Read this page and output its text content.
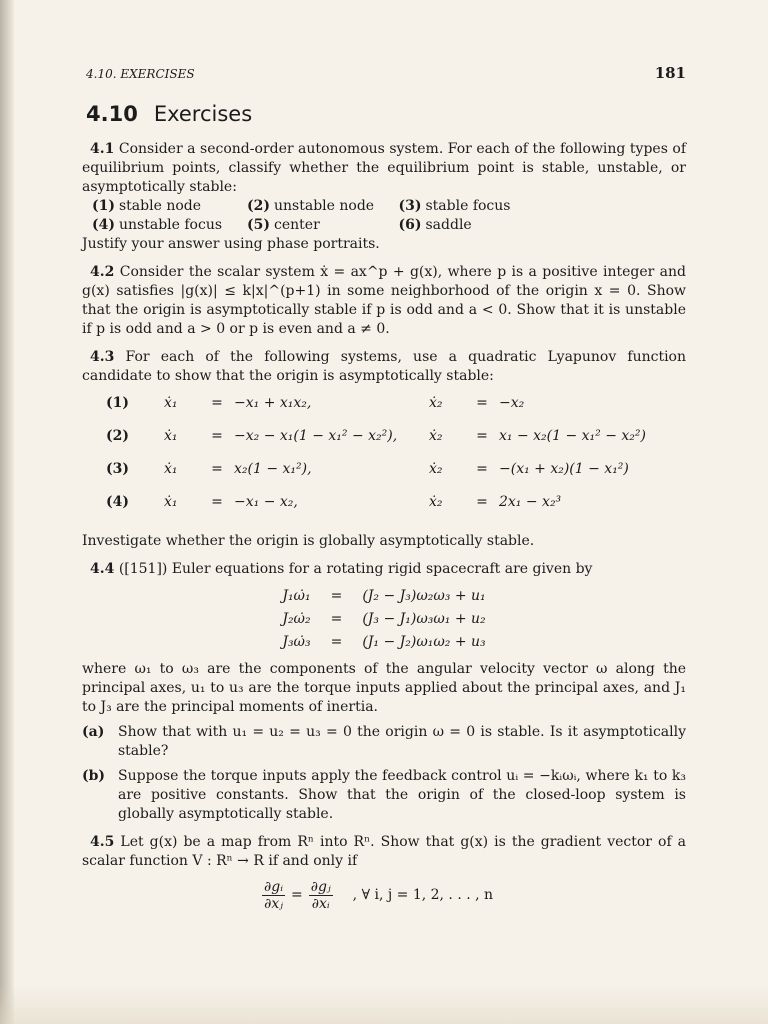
4.10. EXERCISES	181
4.10 Exercises
4.1 Consider a second-order autonomous system. For each of the following types of equilibrium points, classify whether the equilibrium point is stable, unstable, or asymptotically stable:
(1) stable node	(2) unstable node	(3) stable focus
(4) unstable focus	(5) center	(6) saddle
Justify your answer using phase portraits.
4.2 Consider the scalar system ẋ = ax^p + g(x), where p is a positive integer and g(x) satisfies |g(x)| ≤ k|x|^(p+1) in some neighborhood of the origin x = 0. Show that the origin is asymptotically stable if p is odd and a < 0. Show that it is unstable if p is odd and a > 0 or p is even and a ≠ 0.
4.3 For each of the following systems, use a quadratic Lyapunov function candidate to show that the origin is asymptotically stable:
(1)	ẋ₁	=	−x₁ + x₁x₂,	ẋ₂	=	−x₂
(2)	ẋ₁	=	−x₂ − x₁(1 − x₁² − x₂²),	ẋ₂	=	x₁ − x₂(1 − x₁² − x₂²)
(3)	ẋ₁	=	x₂(1 − x₁²),	ẋ₂	=	−(x₁ + x₂)(1 − x₁²)
(4)	ẋ₁	=	−x₁ − x₂,	ẋ₂	=	2x₁ − x₂³
Investigate whether the origin is globally asymptotically stable.
4.4 ([151]) Euler equations for a rotating rigid spacecraft are given by
J₁ω̇₁	=	(J₂ − J₃)ω₂ω₃ + u₁
J₂ω̇₂	=	(J₃ − J₁)ω₃ω₁ + u₂
J₃ω̇₃	=	(J₁ − J₂)ω₁ω₂ + u₃
where ω₁ to ω₃ are the components of the angular velocity vector ω along the principal axes, u₁ to u₃ are the torque inputs applied about the principal axes, and J₁ to J₃ are the principal moments of inertia.
(a) Show that with u₁ = u₂ = u₃ = 0 the origin ω = 0 is stable. Is it asymptotically stable?
(b) Suppose the torque inputs apply the feedback control uᵢ = −kᵢωᵢ, where k₁ to k₃ are positive constants. Show that the origin of the closed-loop system is globally asymptotically stable.
4.5 Let g(x) be a map from Rⁿ into Rⁿ. Show that g(x) is the gradient vector of a scalar function V : Rⁿ → R if and only if
$\frac{\text{∂gᵢ}}{\text{∂xⱼ}} = \frac{\text{∂gⱼ}}{\text{∂xᵢ}}$ , ∀ i, j = 1, 2, . . . , n
